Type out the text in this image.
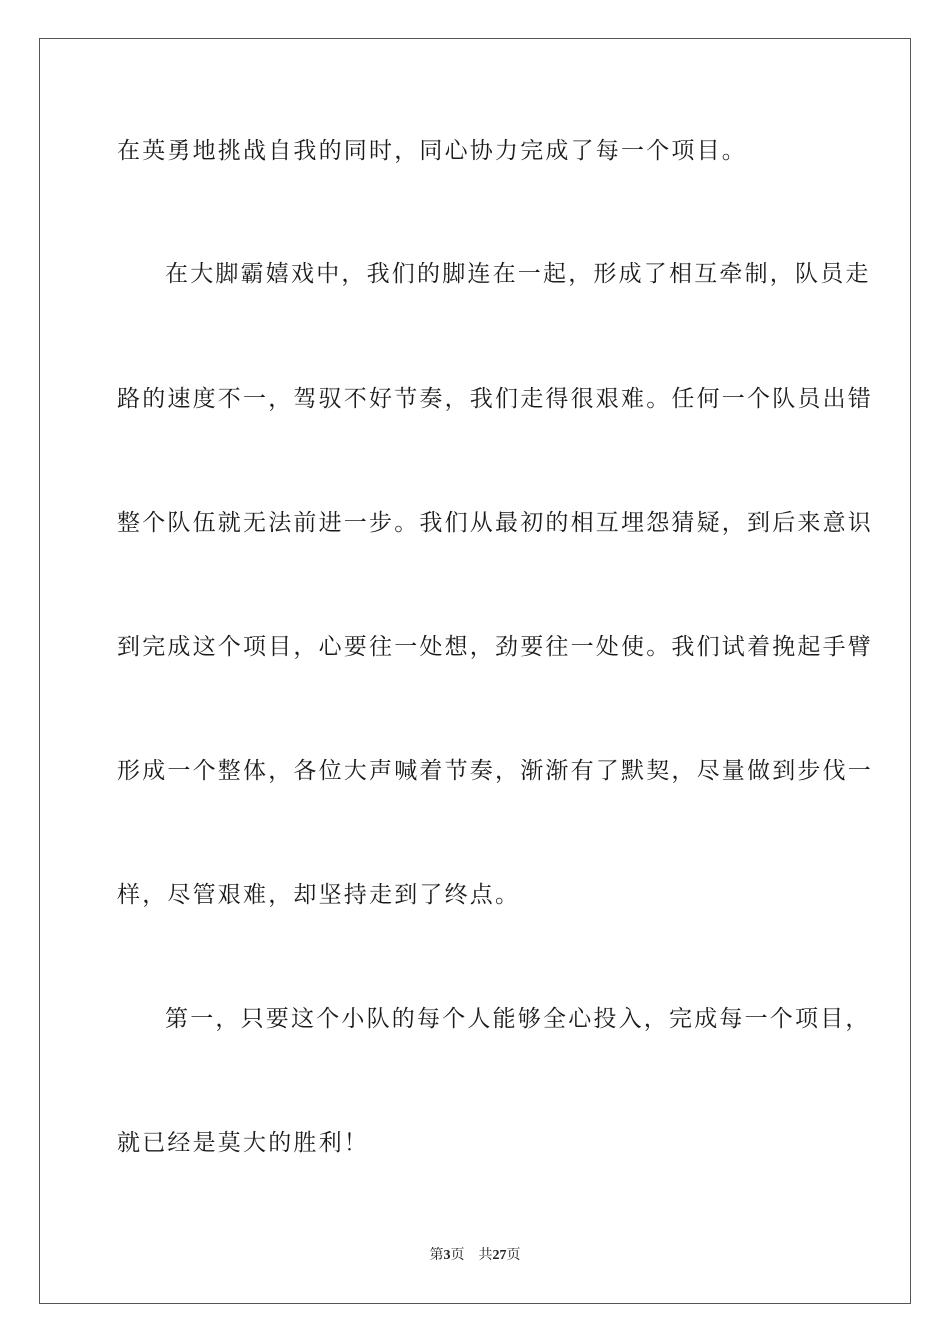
在英勇地挑战自我的同时，同心协力完成了每一个项目。
在大脚霸嬉戏中，我们的脚连在一起，形成了相互牵制，队员走
路的速度不一，驾驭不好节奏，我们走得很艰难。任何一个队员出错
整个队伍就无法前进一步。我们从最初的相互埋怨猜疑，到后来意识
到完成这个项目，心要往一处想，劲要往一处使。我们试着挽起手臂
形成一个整体，各位大声喊着节奏，渐渐有了默契，尽量做到步伐一
样，尽管艰难，却坚持走到了终点。
第一，只要这个小队的每个人能够全心投入，完成每一个项目，
就已经是莫大的胜利！
第3页 共27页
